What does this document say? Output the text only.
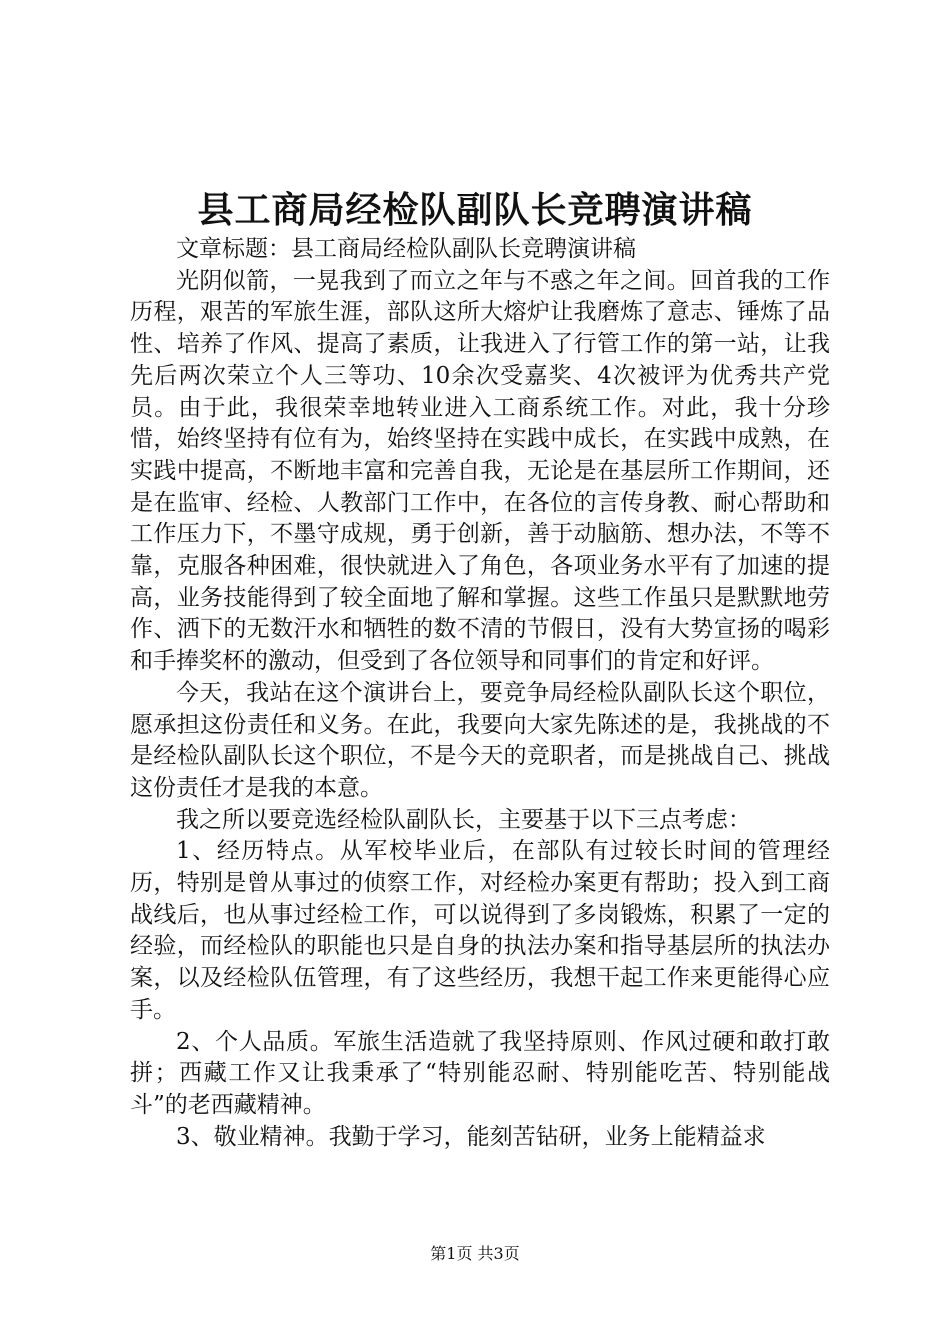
县工商局经检队副队长竞聘演讲稿

文章标题：县工商局经检队副队长竞聘演讲稿

光阴似箭，一晃我到了而立之年与不惑之年之间。回首我的工作历程，艰苦的军旅生涯，部队这所大熔炉让我磨炼了意志、锤炼了品性、培养了作风、提高了素质，让我进入了行管工作的第一站，让我先后两次荣立个人三等功、10余次受嘉奖、4次被评为优秀共产党员。由于此，我很荣幸地转业进入工商系统工作。对此，我十分珍惜，始终坚持有位有为，始终坚持在实践中成长，在实践中成熟，在实践中提高，不断地丰富和完善自我，无论是在基层所工作期间，还是在监审、经检、人教部门工作中，在各位的言传身教、耐心帮助和工作压力下，不墨守成规，勇于创新，善于动脑筋、想办法，不等不靠，克服各种困难，很快就进入了角色，各项业务水平有了加速的提高，业务技能得到了较全面地了解和掌握。这些工作虽只是默默地劳作、洒下的无数汗水和牺牲的数不清的节假日，没有大势宣扬的喝彩和手捧奖杯的激动，但受到了各位领导和同事们的肯定和好评。

今天，我站在这个演讲台上，要竞争局经检队副队长这个职位，愿承担这份责任和义务。在此，我要向大家先陈述的是，我挑战的不是经检队副队长这个职位，不是今天的竞职者，而是挑战自己、挑战这份责任才是我的本意。

我之所以要竞选经检队副队长，主要基于以下三点考虑：

1、经历特点。从军校毕业后，在部队有过较长时间的管理经历，特别是曾从事过的侦察工作，对经检办案更有帮助；投入到工商战线后，也从事过经检工作，可以说得到了多岗锻炼，积累了一定的经验，而经检队的职能也只是自身的执法办案和指导基层所的执法办案，以及经检队伍管理，有了这些经历，我想干起工作来更能得心应手。

2、个人品质。军旅生活造就了我坚持原则、作风过硬和敢打敢拼；西藏工作又让我秉承了“特别能忍耐、特别能吃苦、特别能战斗”的老西藏精神。

3、敬业精神。我勤于学习，能刻苦钻研，业务上能精益求

第1页 共3页
